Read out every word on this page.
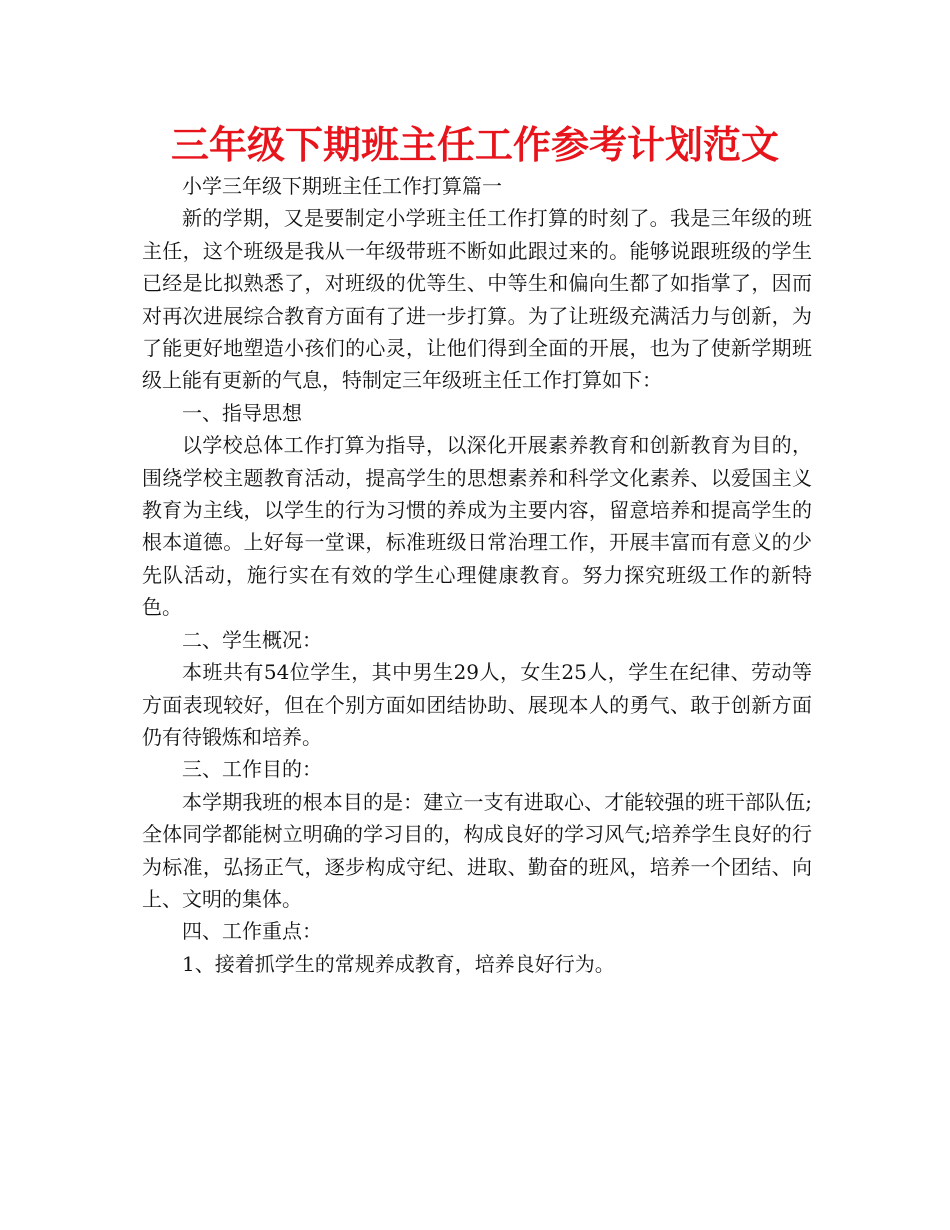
三年级下期班主任工作参考计划范文

小学三年级下期班主任工作打算篇一

新的学期，又是要制定小学班主任工作打算的时刻了。我是三年级的班主任，这个班级是我从一年级带班不断如此跟过来的。能够说跟班级的学生已经是比拟熟悉了，对班级的优等生、中等生和偏向生都了如指掌了，因而对再次进展综合教育方面有了进一步打算。为了让班级充满活力与创新，为了能更好地塑造小孩们的心灵，让他们得到全面的开展，也为了使新学期班级上能有更新的气息，特制定三年级班主任工作打算如下：

一、指导思想

以学校总体工作打算为指导，以深化开展素养教育和创新教育为目的，围绕学校主题教育活动，提高学生的思想素养和科学文化素养、以爱国主义教育为主线，以学生的行为习惯的养成为主要内容，留意培养和提高学生的根本道德。上好每一堂课，标准班级日常治理工作，开展丰富而有意义的少先队活动，施行实在有效的学生心理健康教育。努力探究班级工作的新特色。

二、学生概况：

本班共有54位学生，其中男生29人，女生25人，学生在纪律、劳动等方面表现较好，但在个别方面如团结协助、展现本人的勇气、敢于创新方面仍有待锻炼和培养。

三、工作目的：

本学期我班的根本目的是：建立一支有进取心、才能较强的班干部队伍;全体同学都能树立明确的学习目的，构成良好的学习风气;培养学生良好的行为标准，弘扬正气，逐步构成守纪、进取、勤奋的班风，培养一个团结、向上、文明的集体。

四、工作重点：

1、接着抓学生的常规养成教育，培养良好行为。
